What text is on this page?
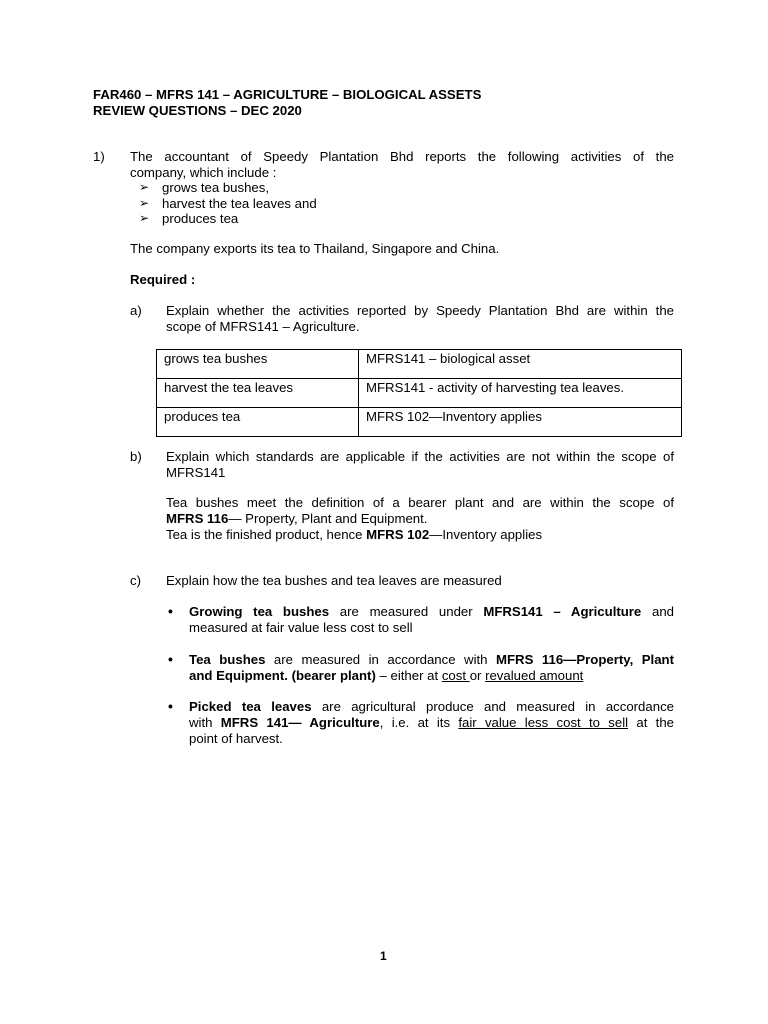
FAR460 – MFRS 141 – AGRICULTURE – BIOLOGICAL ASSETS
REVIEW QUESTIONS – DEC 2020
1) The accountant of Speedy Plantation Bhd reports the following activities of the
company, which include :
➢ grows tea bushes,
➢ harvest the tea leaves and
➢ produces tea
The company exports its tea to Thailand, Singapore and China.
Required :
a) Explain whether the activities reported by Speedy Plantation Bhd are within the
scope of MFRS141 – Agriculture.
grows tea bushes	MFRS141 – biological asset
harvest the tea leaves	MFRS141 - activity of harvesting tea leaves.
produces tea	MFRS 102—Inventory applies
b) Explain which standards are applicable if the activities are not within the scope of
MFRS141
Tea bushes meet the definition of a bearer plant and are within the scope of
MFRS 116— Property, Plant and Equipment.
Tea is the finished product, hence MFRS 102—Inventory applies
c) Explain how the tea bushes and tea leaves are measured
• Growing tea bushes are measured under MFRS141 – Agriculture and
measured at fair value less cost to sell
• Tea bushes are measured in accordance with MFRS 116—Property, Plant
and Equipment. (bearer plant) – either at cost or revalued amount
• Picked tea leaves are agricultural produce and measured in accordance
with MFRS 141— Agriculture, i.e. at its fair value less cost to sell at the
point of harvest.
1
